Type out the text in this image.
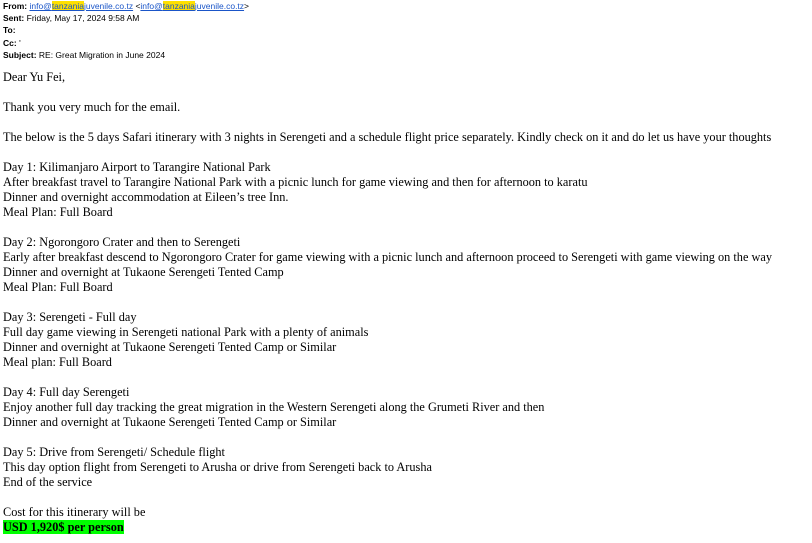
From: info@tanzaniajuvenile.co.tz <info@tanzaniajuvenile.co.tz>
Sent: Friday, May 17, 2024 9:58 AM
To:
Cc: '
Subject: RE: Great Migration in June 2024
Dear Yu Fei,
Thank you very much for the email.
The below is the 5 days Safari itinerary with 3 nights in Serengeti and a schedule flight price separately. Kindly check on it and do let us have your thoughts
Day 1: Kilimanjaro Airport to Tarangire National Park
After breakfast travel to Tarangire National Park with a picnic lunch for game viewing and then for afternoon to karatu
Dinner and overnight accommodation at Eileen’s tree Inn.
Meal Plan: Full Board
Day 2: Ngorongoro Crater and then to Serengeti
Early after breakfast descend to Ngorongoro Crater for game viewing with a picnic lunch and afternoon proceed to Serengeti with game viewing on the way
Dinner and overnight at Tukaone Serengeti Tented Camp
Meal Plan: Full Board
Day 3: Serengeti - Full day
Full day game viewing in Serengeti national Park with a plenty of animals
Dinner and overnight at Tukaone Serengeti Tented Camp or Similar
Meal plan: Full Board
Day 4: Full day Serengeti
Enjoy another full day tracking the great migration in the Western Serengeti along the Grumeti River and then
Dinner and overnight at Tukaone Serengeti Tented Camp or Similar
Day 5: Drive from Serengeti/ Schedule flight
This day option flight from Serengeti to Arusha or drive from Serengeti back to Arusha
End of the service
Cost for this itinerary will be
USD 1,920$ per person
